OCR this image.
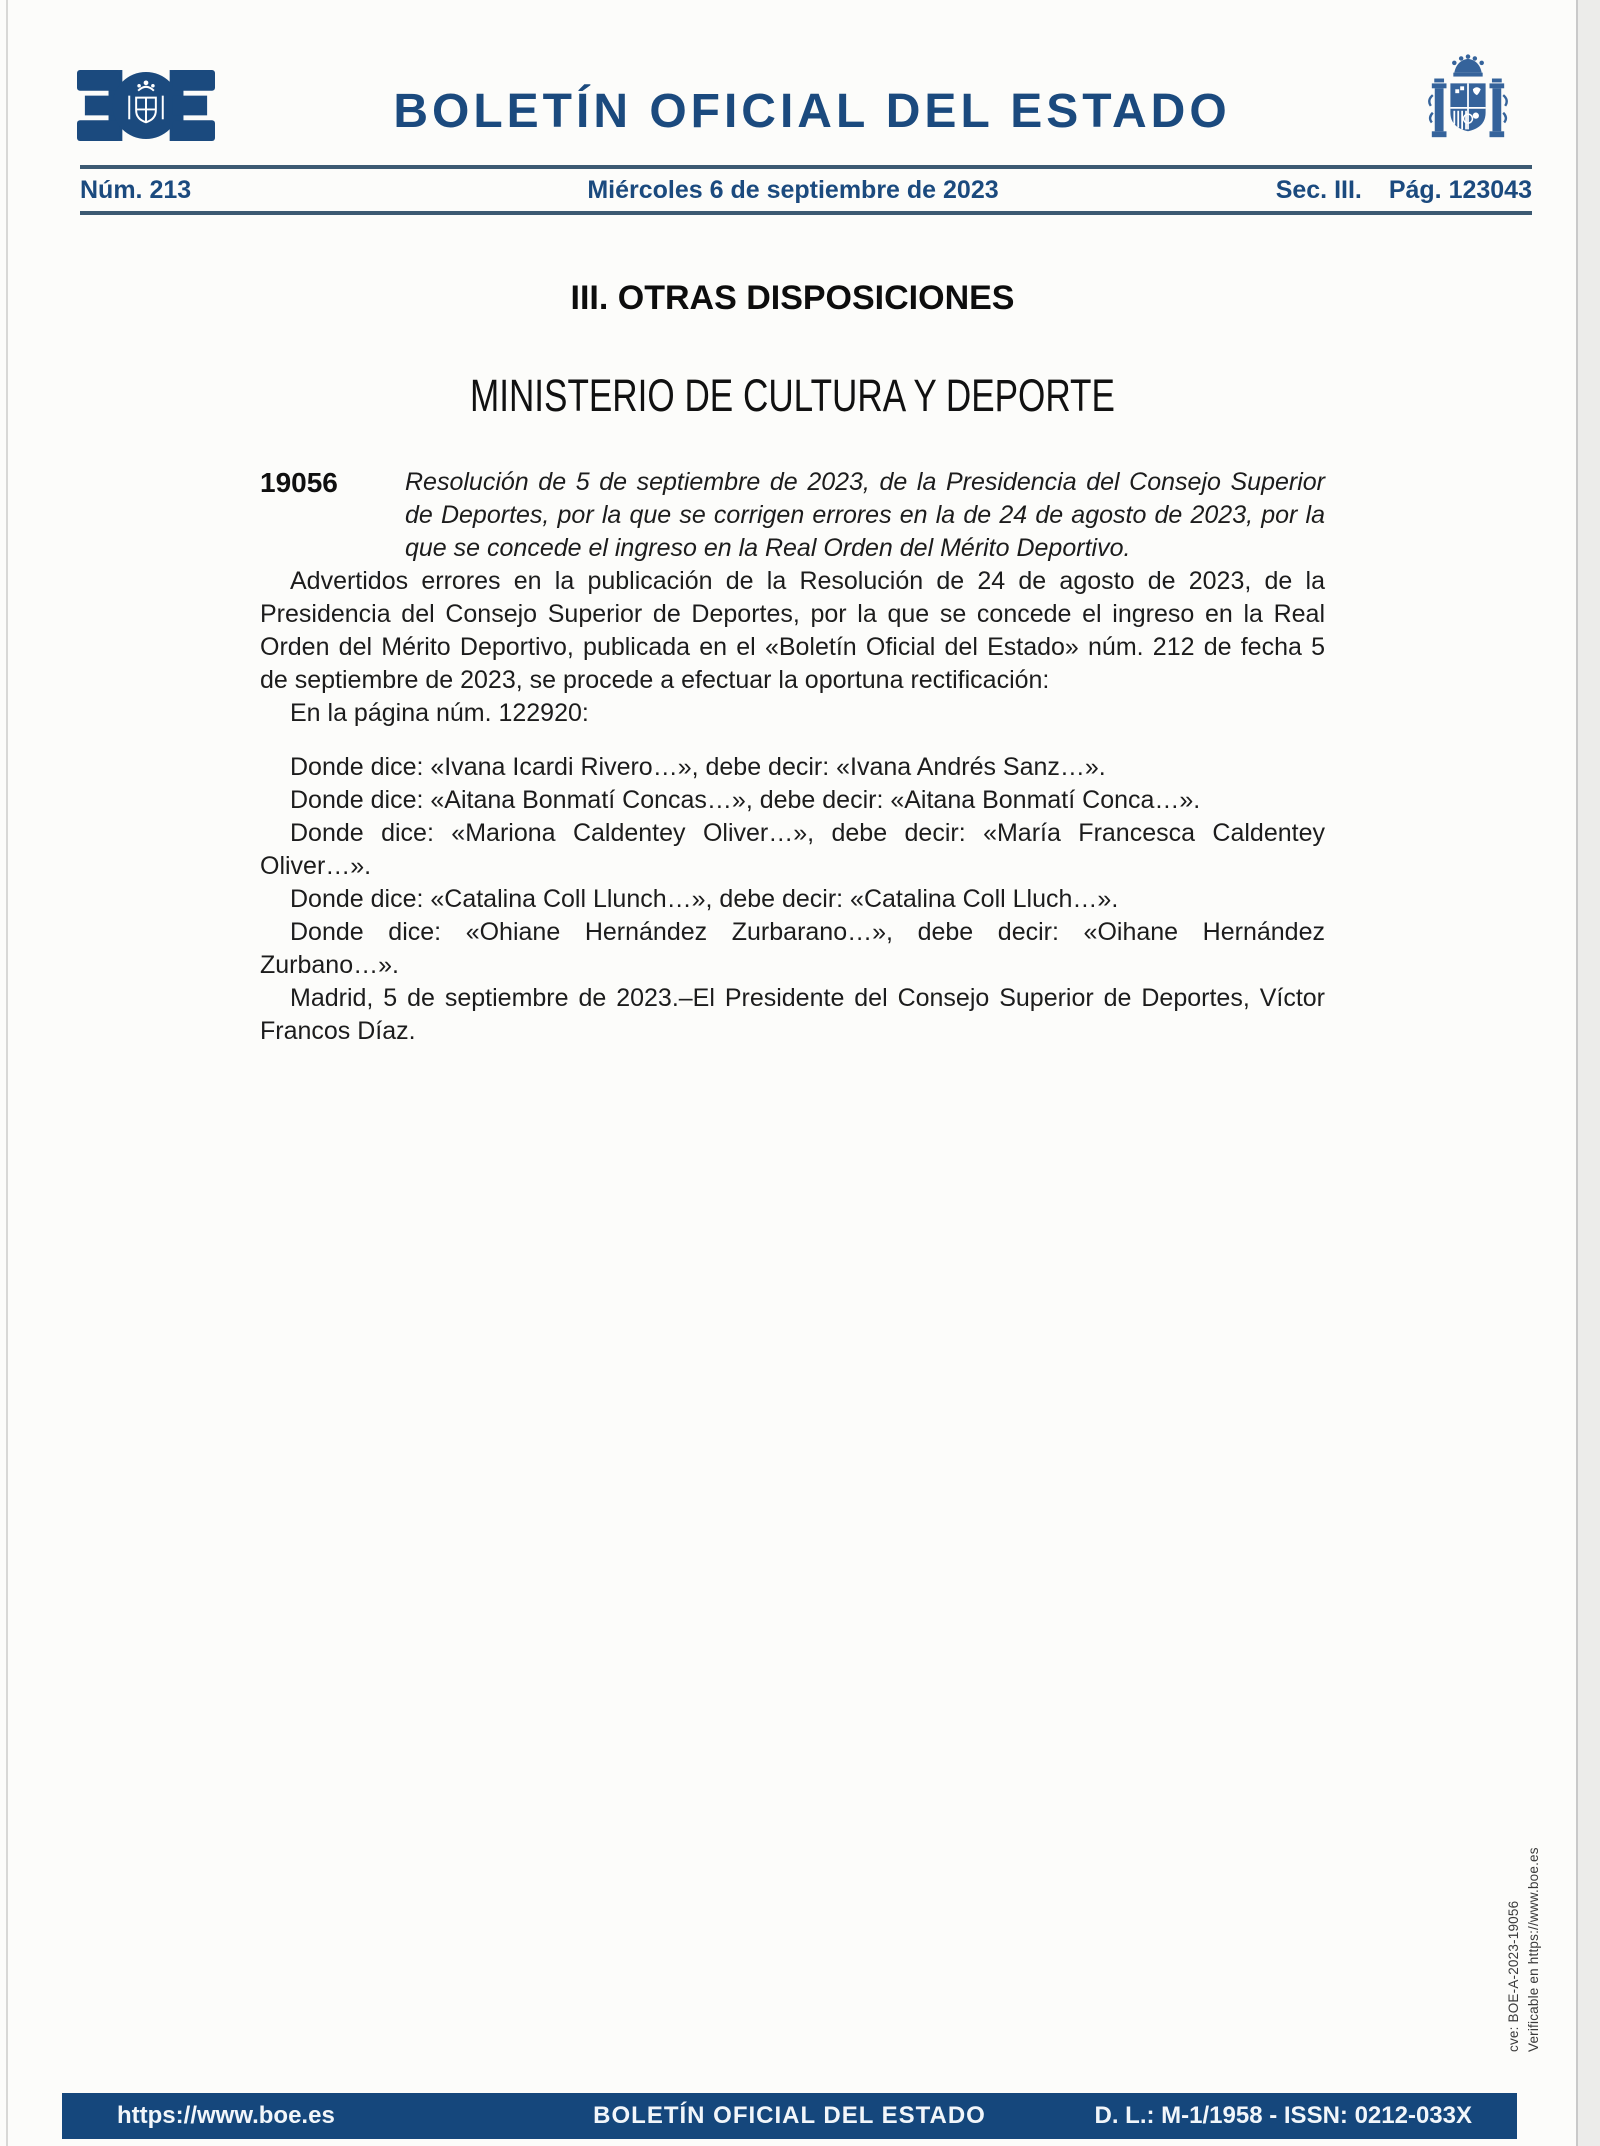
BOLETÍN OFICIAL DEL ESTADO
Núm. 213	Miércoles 6 de septiembre de 2023	Sec. III. Pág. 123043
III. OTRAS DISPOSICIONES
MINISTERIO DE CULTURA Y DEPORTE
19056	Resolución de 5 de septiembre de 2023, de la Presidencia del Consejo Superior de Deportes, por la que se corrigen errores en la de 24 de agosto de 2023, por la que se concede el ingreso en la Real Orden del Mérito Deportivo.

Advertidos errores en la publicación de la Resolución de 24 de agosto de 2023, de la Presidencia del Consejo Superior de Deportes, por la que se concede el ingreso en la Real Orden del Mérito Deportivo, publicada en el «Boletín Oficial del Estado» núm. 212 de fecha 5 de septiembre de 2023, se procede a efectuar la oportuna rectificación:

En la página núm. 122920:

Donde dice: «Ivana Icardi Rivero…», debe decir: «Ivana Andrés Sanz…».

Donde dice: «Aitana Bonmatí Concas…», debe decir: «Aitana Bonmatí Conca…».

Donde dice: «Mariona Caldentey Oliver…», debe decir: «María Francesca Caldentey Oliver…».

Donde dice: «Catalina Coll Llunch…», debe decir: «Catalina Coll Lluch…».

Donde dice: «Ohiane Hernández Zurbarano…», debe decir: «Oihane Hernández Zurbano…».

Madrid, 5 de septiembre de 2023.–El Presidente del Consejo Superior de Deportes, Víctor Francos Díaz.

cve: BOE-A-2023-19056 Verificable en https://www.boe.es
https://www.boe.es	BOLETÍN OFICIAL DEL ESTADO	D. L.: M-1/1958 - ISSN: 0212-033X
